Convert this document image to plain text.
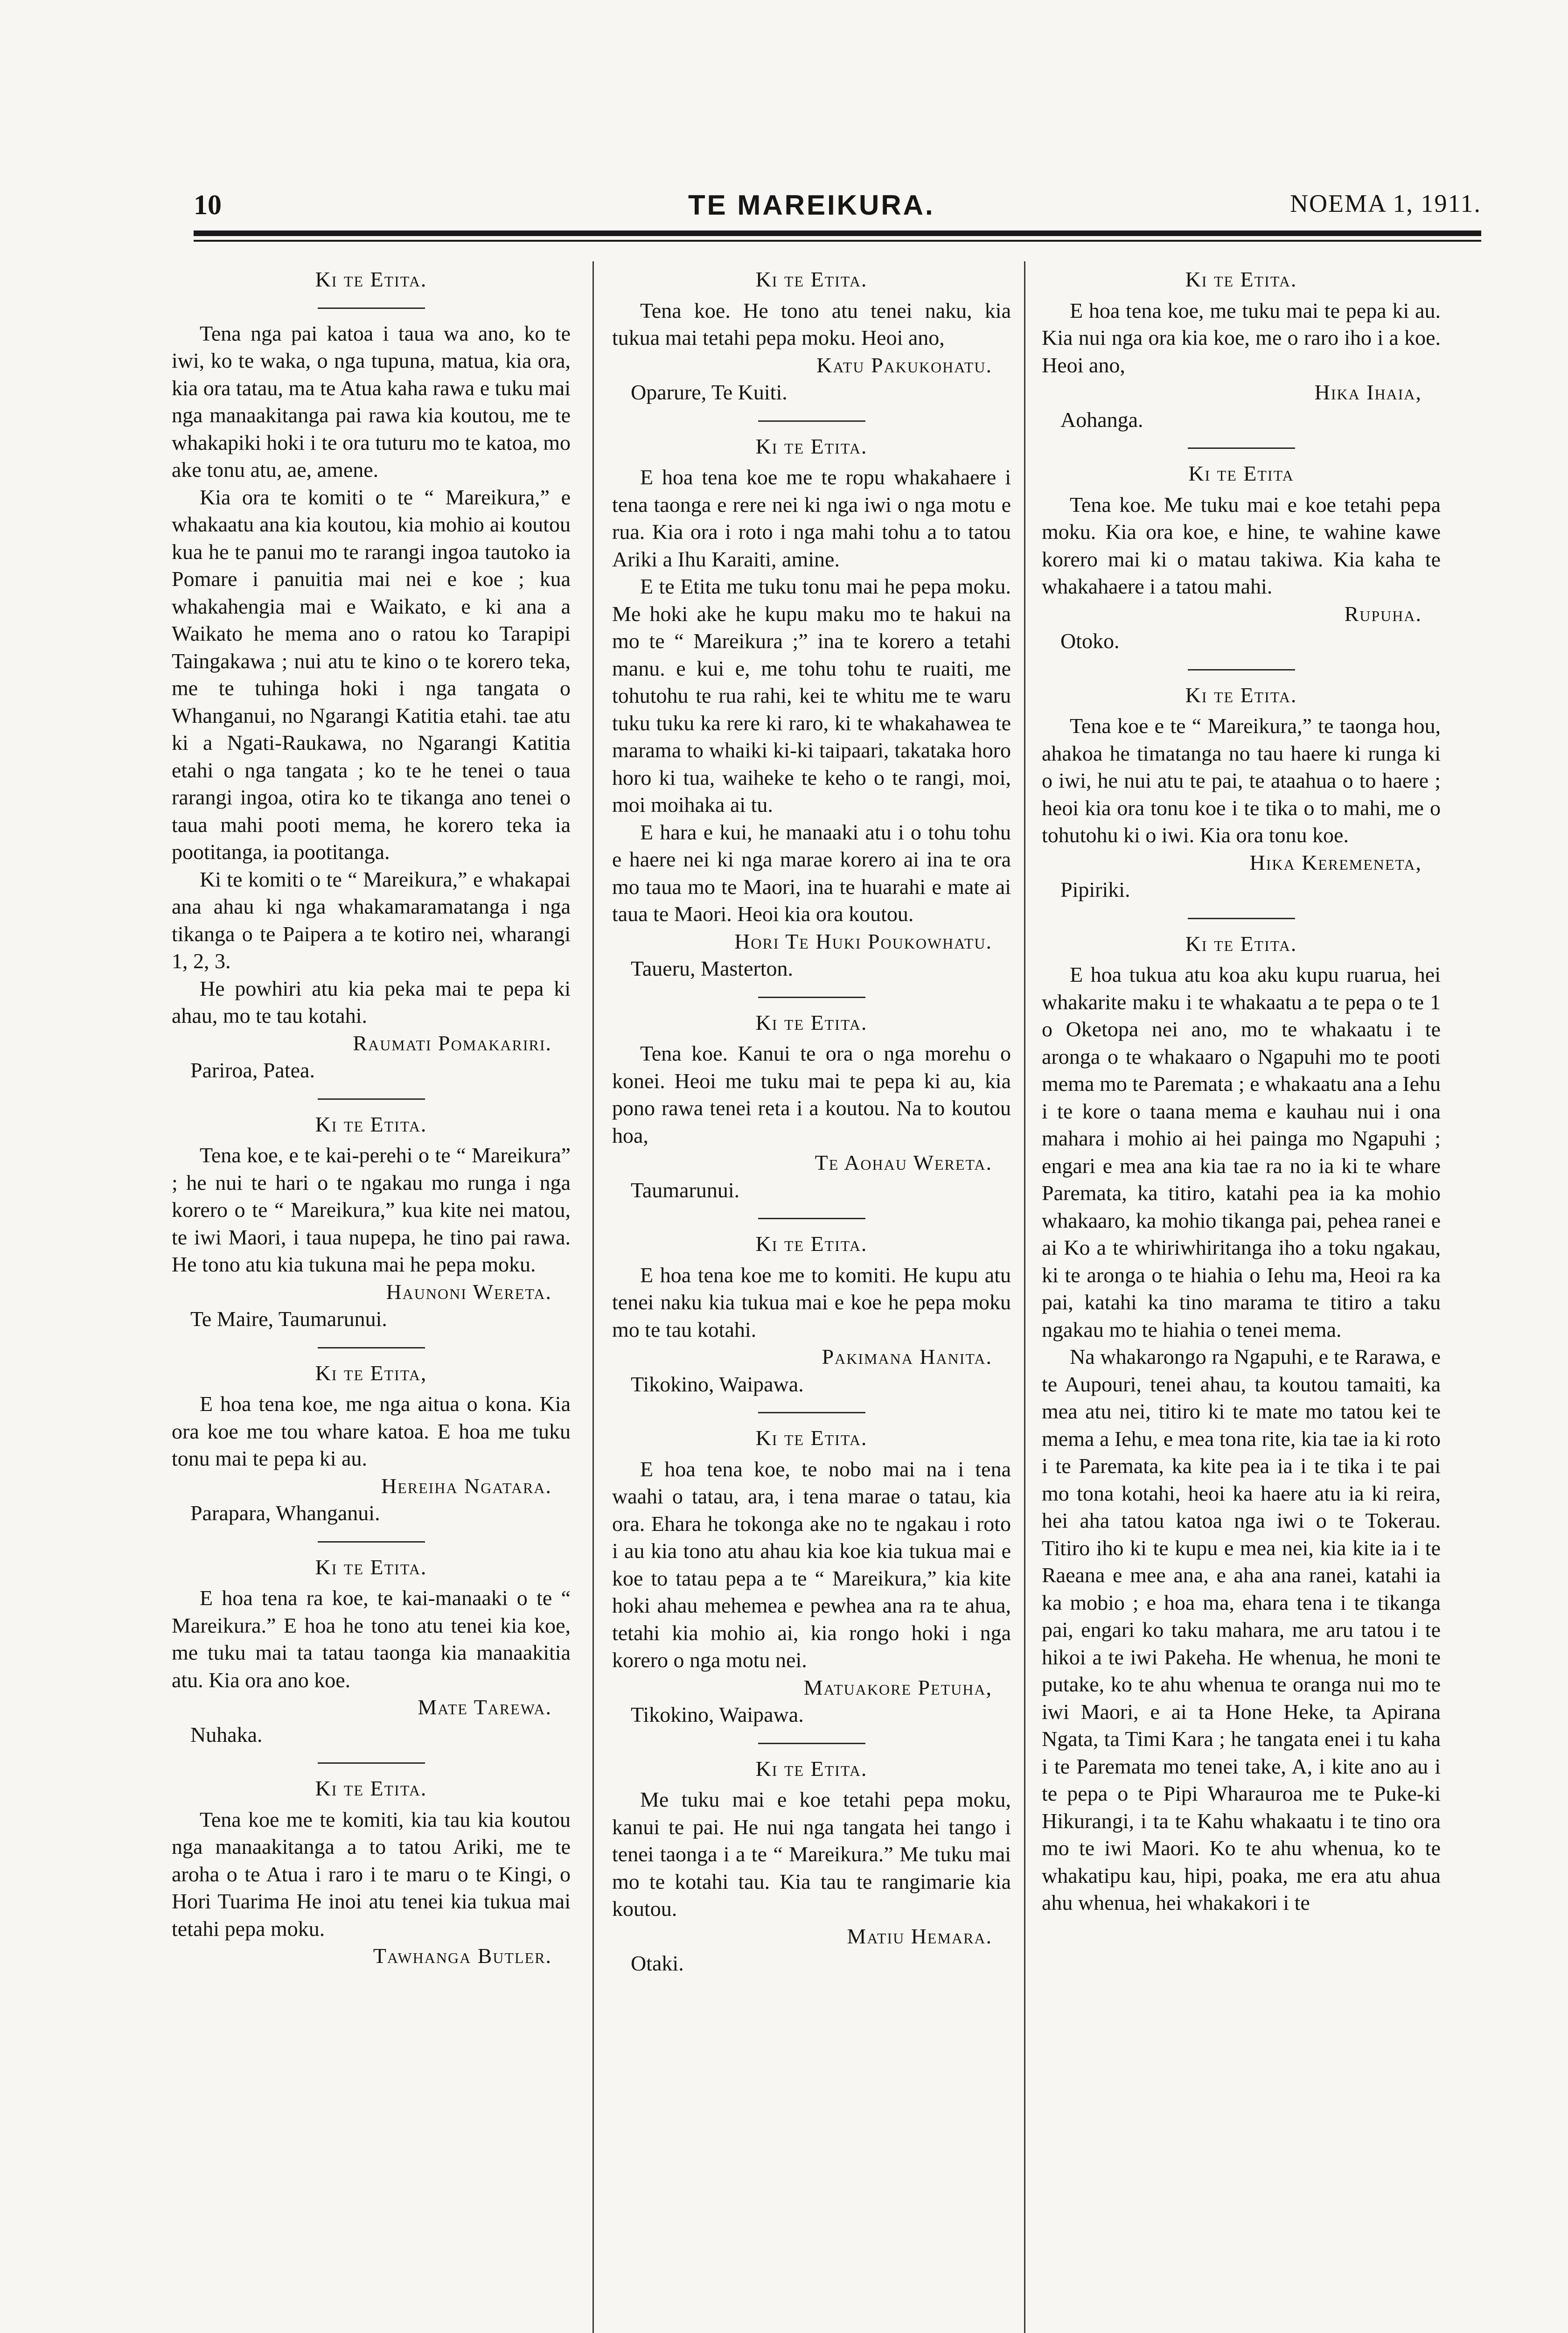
10	TE MAREIKURA.	NOEMA 1, 1911.
Ki te Etita.

Tena nga pai katoa i taua wa ano, ko te iwi, ko te waka, o nga tupuna, matua, kia ora, kia ora tatau, ma te Atua kaha rawa e tuku mai nga manaakitanga pai rawa kia koutou, me te whakapiki hoki i te ora tuturu mo te katoa, mo ake tonu atu, ae, amene.

Kia ora te komiti o te “ Mareikura,” e whakaatu ana kia koutou, kia mohio ai koutou kua he te panui mo te rarangi ingoa tautoko ia Pomare i panuitia mai nei e koe ; kua whakahengia mai e Waikato, e ki ana a Waikato he mema ano o ratou ko Tarapipi Taingakawa ; nui atu te kino o te korero teka, me te tuhinga hoki i nga tangata o Whanganui, no Ngarangi Katitia etahi. tae atu ki a Ngati-Raukawa, no Ngarangi Katitia etahi o nga tangata ; ko te he tenei o taua rarangi ingoa, otira ko te tikanga ano tenei o taua mahi pooti mema, he korero teka ia pootitanga, ia pootitanga.

Ki te komiti o te “ Mareikura,” e whakapai ana ahau ki nga whakamaramatanga i nga tikanga o te Paipera a te kotiro nei, wharangi 1, 2, 3.

He powhiri atu kia peka mai te pepa ki ahau, mo te tau kotahi.

Raumati Pomakariri.
Pariroa, Patea.
Ki te Etita.

Tena koe, e te kai-perehi o te “ Mareikura” ; he nui te hari o te ngakau mo runga i nga korero o te “ Mareikura,” kua kite nei matou, te iwi Maori, i taua nupepa, he tino pai rawa. He tono atu kia tukuna mai he pepa moku.

Haunoni Wereta.
Te Maire, Taumarunui.
Ki te Etita,

E hoa tena koe, me nga aitua o kona. Kia ora koe me tou whare katoa. E hoa me tuku tonu mai te pepa ki au.

Hereiha Ngatara.
Parapara, Whanganui.
Ki te Etita.

E hoa tena ra koe, te kai-manaaki o te “ Mareikura.” E hoa he tono atu tenei kia koe, me tuku mai ta tatau taonga kia manaakitia atu. Kia ora ano koe.

Mate Tarewa.
Nuhaka.
Ki te Etita.

Tena koe me te komiti, kia tau kia koutou nga manaakitanga a to tatou Ariki, me te aroha o te Atua i raro i te maru o te Kingi, o Hori Tuarima He inoi atu tenei kia tukua mai tetahi pepa moku.

Tawhanga Butler.
Ki te Etita.

Tena koe. He tono atu tenei naku, kia tukua mai tetahi pepa moku. Heoi ano,

Katu Pakukohatu.
Oparure, Te Kuiti.
Ki te Etita.

E hoa tena koe me te ropu whakahaere i tena taonga e rere nei ki nga iwi o nga motu e rua. Kia ora i roto i nga mahi tohu a to tatou Ariki a Ihu Karaiti, amine.

E te Etita me tuku tonu mai he pepa moku. Me hoki ake he kupu maku mo te hakui na mo te “ Mareikura ;” ina te korero a tetahi manu. e kui e, me tohu tohu te ruaiti, me tohutohu te rua rahi, kei te whitu me te waru tuku tuku ka rere ki raro, ki te whakahawea te marama to whaiki ki-ki taipaari, takataka horo horo ki tua, waiheke te keho o te rangi, moi, moi moihaka ai tu.

E hara e kui, he manaaki atu i o tohu tohu e haere nei ki nga marae korero ai ina te ora mo taua mo te Maori, ina te huarahi e mate ai taua te Maori. Heoi kia ora koutou.

Hori Te Huki Poukowhatu.
Taueru, Masterton.
Ki te Etita.

Tena koe. Kanui te ora o nga morehu o konei. Heoi me tuku mai te pepa ki au, kia pono rawa tenei reta i a koutou. Na to koutou hoa,

Te Aohau Wereta.
Taumarunui.
Ki te Etita.

E hoa tena koe me to komiti. He kupu atu tenei naku kia tukua mai e koe he pepa moku mo te tau kotahi.

Pakimana Hanita.
Tikokino, Waipawa.
Ki te Etita.

E hoa tena koe, te nobo mai na i tena waahi o tatau, ara, i tena marae o tatau, kia ora. Ehara he tokonga ake no te ngakau i roto i au kia tono atu ahau kia koe kia tukua mai e koe to tatau pepa a te “ Mareikura,” kia kite hoki ahau mehemea e pewhea ana ra te ahua, tetahi kia mohio ai, kia rongo hoki i nga korero o nga motu nei.

Matuakore Petuha,
Tikokino, Waipawa.
Ki te Etita.

Me tuku mai e koe tetahi pepa moku, kanui te pai. He nui nga tangata hei tango i tenei taonga i a te “ Mareikura.” Me tuku mai mo te kotahi tau. Kia tau te rangimarie kia koutou.

Matiu Hemara.
Otaki.
Ki te Etita.

E hoa tena koe, me tuku mai te pepa ki au. Kia nui nga ora kia koe, me o raro iho i a koe. Heoi ano,

Hika Ihaia,
Aohanga.
Ki te Etita

Tena koe. Me tuku mai e koe tetahi pepa moku. Kia ora koe, e hine, te wahine kawe korero mai ki o matau takiwa. Kia kaha te whakahaere i a tatou mahi.

Rupuha.
Otoko.
Ki te Etita.

Tena koe e te “ Mareikura,” te taonga hou, ahakoa he timatanga no tau haere ki runga ki o iwi, he nui atu te pai, te ataahua o to haere ; heoi kia ora tonu koe i te tika o to mahi, me o tohutohu ki o iwi. Kia ora tonu koe.

Hika Keremeneta,
Pipiriki.
Ki te Etita.

E hoa tukua atu koa aku kupu ruarua, hei whakarite maku i te whakaatu a te pepa o te 1 o Oketopa nei ano, mo te whakaatu i te aronga o te whakaaro o Ngapuhi mo te pooti mema mo te Paremata ; e whakaatu ana a Iehu i te kore o taana mema e kauhau nui i ona mahara i mohio ai hei painga mo Ngapuhi ; engari e mea ana kia tae ra no ia ki te whare Paremata, ka titiro, katahi pea ia ka mohio whakaaro, ka mohio tikanga pai, pehea ranei e ai Ko a te whiriwhiritanga iho a toku ngakau, ki te aronga o te hiahia o Iehu ma, Heoi ra ka pai, katahi ka tino marama te titiro a taku ngakau mo te hiahia o tenei mema.

Na whakarongo ra Ngapuhi, e te Rarawa, e te Aupouri, tenei ahau, ta koutou tamaiti, ka mea atu nei, titiro ki te mate mo tatou kei te mema a Iehu, e mea tona rite, kia tae ia ki roto i te Paremata, ka kite pea ia i te tika i te pai mo tona kotahi, heoi ka haere atu ia ki reira, hei aha tatou katoa nga iwi o te Tokerau. Titiro iho ki te kupu e mea nei, kia kite ia i te Raeana e mee ana, e aha ana ranei, katahi ia ka mobio ; e hoa ma, ehara tena i te tikanga pai, engari ko taku mahara, me aru tatou i te hikoi a te iwi Pakeha. He whenua, he moni te putake, ko te ahu whenua te oranga nui mo te iwi Maori, e ai ta Hone Heke, ta Apirana Ngata, ta Timi Kara ; he tangata enei i tu kaha i te Paremata mo tenei take, A, i kite ano au i te pepa o te Pipi Wharauroa me te Puke-ki Hikurangi, i ta te Kahu whakaatu i te tino ora mo te iwi Maori. Ko te ahu whenua, ko te whakatipu kau, hipi, poaka, me era atu ahua ahu whenua, hei whakakori i te
